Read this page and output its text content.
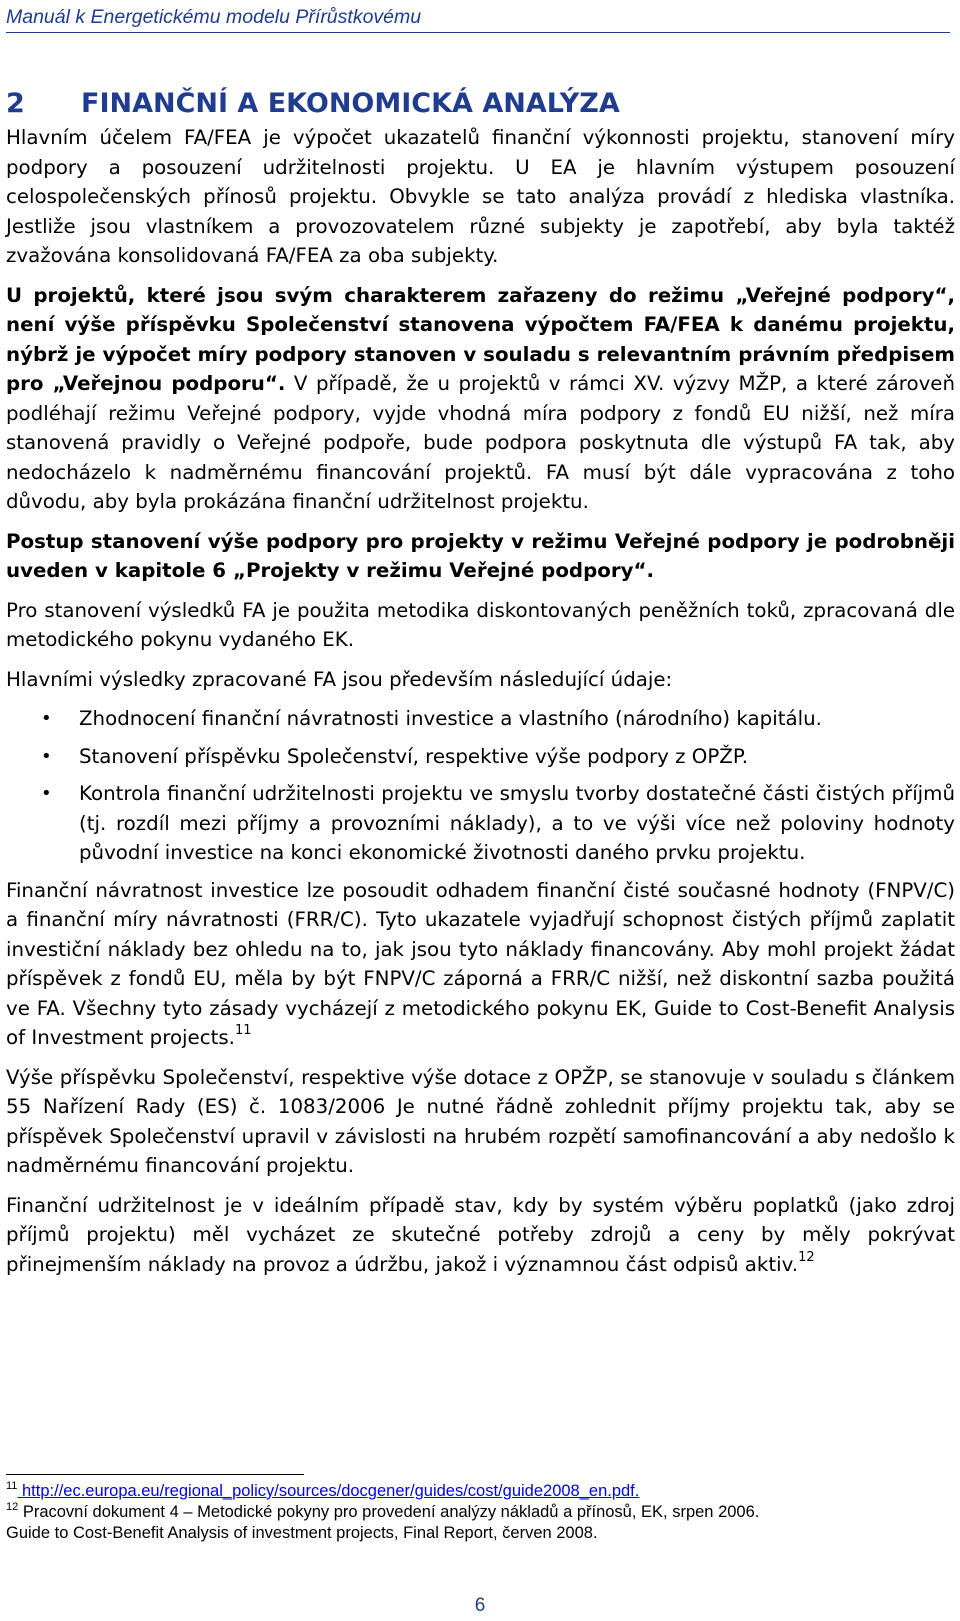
Manuál k Energetickému modelu Přírůstkovému
2	FINANČNÍ A EKONOMICKÁ ANALÝZA

Hlavním účelem FA/FEA je výpočet ukazatelů finanční výkonnosti projektu, stanovení míry podpory a posouzení udržitelnosti projektu. U EA je hlavním výstupem posouzení celospolečenských přínosů projektu. Obvykle se tato analýza provádí z hlediska vlastníka. Jestliže jsou vlastníkem a provozovatelem různé subjekty je zapotřebí, aby byla taktéž zvažována konsolidovaná FA/FEA za oba subjekty.

U projektů, které jsou svým charakterem zařazeny do režimu „Veřejné podpory“, není výše příspěvku Společenství stanovena výpočtem FA/FEA k danému projektu, nýbrž je výpočet míry podpory stanoven v souladu s relevantním právním předpisem pro „Veřejnou podporu“. V případě, že u projektů v rámci XV. výzvy MŽP, a které zároveň podléhají režimu Veřejné podpory, vyjde vhodná míra podpory z fondů EU nižší, než míra stanovená pravidly o Veřejné podpoře, bude podpora poskytnuta dle výstupů FA tak, aby nedocházelo k nadměrnému financování projektů. FA musí být dále vypracována z toho důvodu, aby byla prokázána finanční udržitelnost projektu.

Postup stanovení výše podpory pro projekty v režimu Veřejné podpory je podrobněji uveden v kapitole 6 „Projekty v režimu Veřejné podpory“.

Pro stanovení výsledků FA je použita metodika diskontovaných peněžních toků, zpracovaná dle metodického pokynu vydaného EK.

Hlavními výsledky zpracované FA jsou především následující údaje:

• Zhodnocení finanční návratnosti investice a vlastního (národního) kapitálu.
• Stanovení příspěvku Společenství, respektive výše podpory z OPŽP.
• Kontrola finanční udržitelnosti projektu ve smyslu tvorby dostatečné části čistých příjmů (tj. rozdíl mezi příjmy a provozními náklady), a to ve výši více než poloviny hodnoty původní investice na konci ekonomické životnosti daného prvku projektu.

Finanční návratnost investice lze posoudit odhadem finanční čisté současné hodnoty (FNPV/C) a finanční míry návratnosti (FRR/C). Tyto ukazatele vyjadřují schopnost čistých příjmů zaplatit investiční náklady bez ohledu na to, jak jsou tyto náklady financovány. Aby mohl projekt žádat příspěvek z fondů EU, měla by být FNPV/C záporná a FRR/C nižší, než diskontní sazba použitá ve FA. Všechny tyto zásady vycházejí z metodického pokynu EK, Guide to Cost-Benefit Analysis of Investment projects.$^{11}$

Výše příspěvku Společenství, respektive výše dotace z OPŽP, se stanovuje v souladu s článkem 55 Nařízení Rady (ES) č. 1083/2006 Je nutné řádně zohlednit příjmy projektu tak, aby se příspěvek Společenství upravil v závislosti na hrubém rozpětí samofinancování a aby nedošlo k nadměrnému financování projektu.

Finanční udržitelnost je v ideálním případě stav, kdy by systém výběru poplatků (jako zdroj příjmů projektu) měl vycházet ze skutečné potřeby zdrojů a ceny by měly pokrývat přinejmenším náklady na provoz a údržbu, jakož i významnou část odpisů aktiv.$^{12}$

$^{11}$ http://ec.europa.eu/regional_policy/sources/docgener/guides/cost/guide2008_en.pdf.
$^{12}$ Pracovní dokument 4 – Metodické pokyny pro provedení analýzy nákladů a přínosů, EK, srpen 2006.
Guide to Cost-Benefit Analysis of investment projects, Final Report, červen 2008.
6
